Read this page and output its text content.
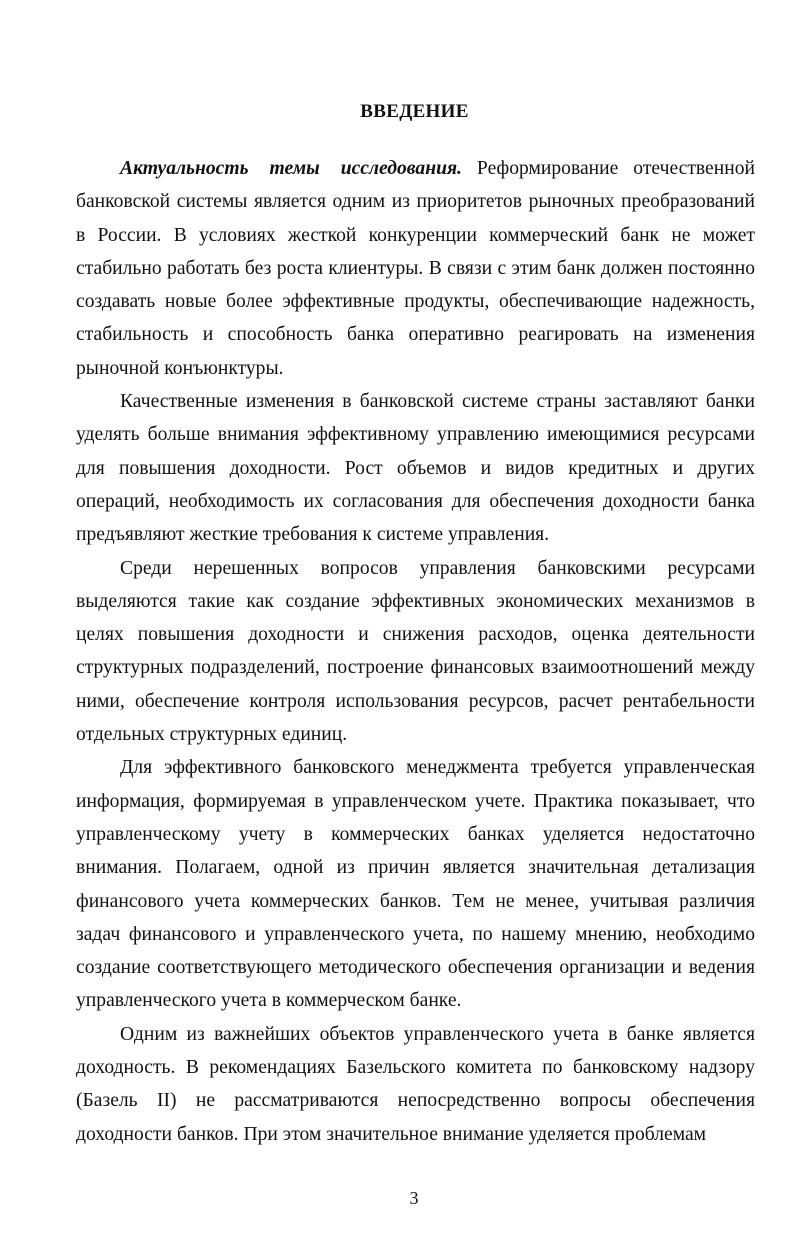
ВВЕДЕНИЕ

Актуальность темы исследования. Реформирование отечественной банковской системы является одним из приоритетов рыночных преобразований в России. В условиях жесткой конкуренции коммерческий банк не может стабильно работать без роста клиентуры. В связи с этим банк должен постоянно создавать новые более эффективные продукты, обеспечивающие надежность, стабильность и способность банка оперативно реагировать на изменения рыночной конъюнктуры.

Качественные изменения в банковской системе страны заставляют банки уделять больше внимания эффективному управлению имеющимися ресурсами для повышения доходности. Рост объемов и видов кредитных и других операций, необходимость их согласования для обеспечения доходности банка предъявляют жесткие требования к системе управления.

Среди нерешенных вопросов управления банковскими ресурсами выделяются такие как создание эффективных экономических механизмов в целях повышения доходности и снижения расходов, оценка деятельности структурных подразделений, построение финансовых взаимоотношений между ними, обеспечение контроля использования ресурсов, расчет рентабельности отдельных структурных единиц.

Для эффективного банковского менеджмента требуется управленческая информация, формируемая в управленческом учете. Практика показывает, что управленческому учету в коммерческих банках уделяется недостаточно внимания. Полагаем, одной из причин является значительная детализация финансового учета коммерческих банков. Тем не менее, учитывая различия задач финансового и управленческого учета, по нашему мнению, необходимо создание соответствующего методического обеспечения организации и ведения управленческого учета в коммерческом банке.

Одним из важнейших объектов управленческого учета в банке является доходность. В рекомендациях Базельского комитета по банковскому надзору (Базель II) не рассматриваются непосредственно вопросы обеспечения доходности банков. При этом значительное внимание уделяется проблемам

3
